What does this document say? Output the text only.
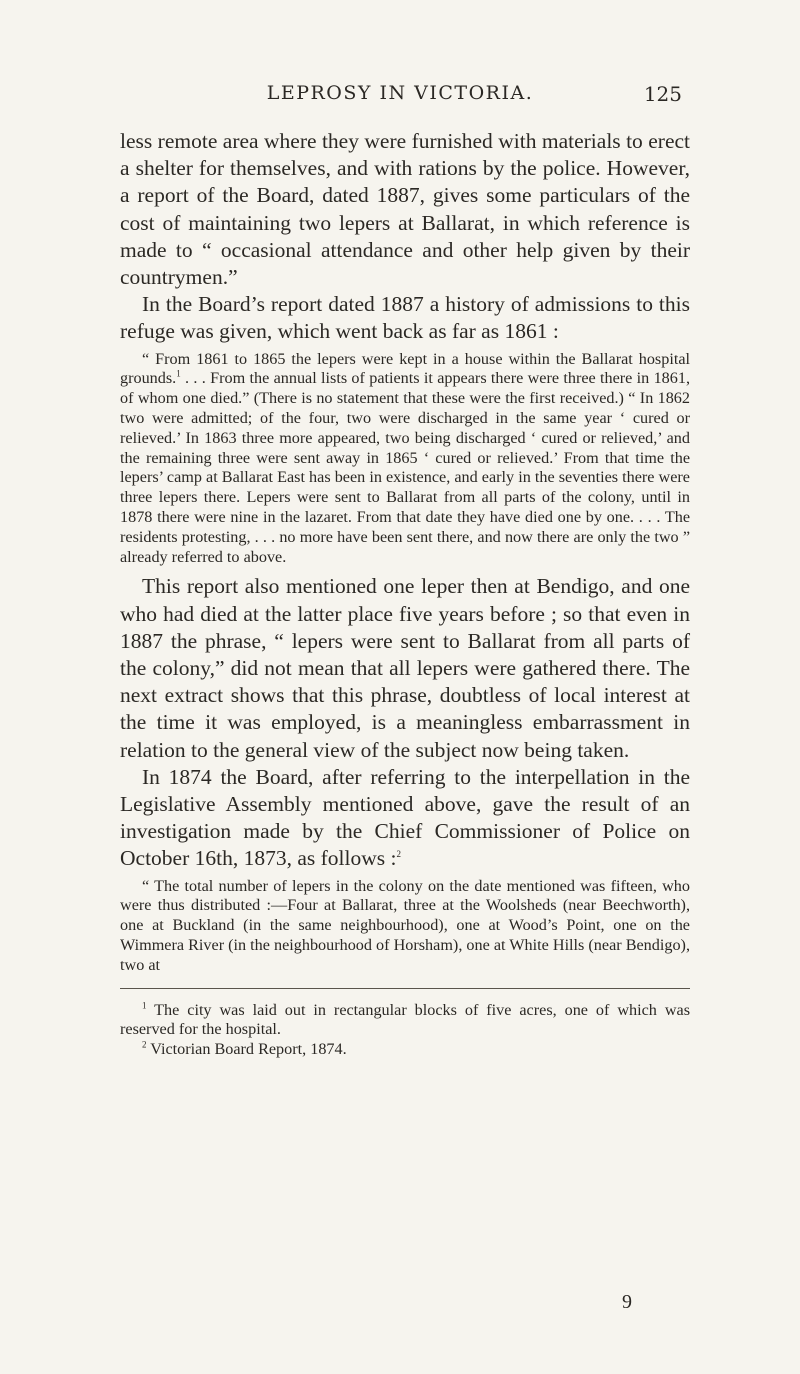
LEPROSY IN VICTORIA.	125

less remote area where they were furnished with materials to erect a shelter for themselves, and with rations by the police. However, a report of the Board, dated 1887, gives some particulars of the cost of maintaining two lepers at Ballarat, in which reference is made to “ occasional attendance and other help given by their countrymen.”

In the Board’s report dated 1887 a history of admissions to this refuge was given, which went back as far as 1861 :

“ From 1861 to 1865 the lepers were kept in a house within the Ballarat hospital grounds.$^1$ . . . From the annual lists of patients it appears there were three there in 1861, of whom one died.” (There is no statement that these were the first received.) “ In 1862 two were admitted; of the four, two were discharged in the same year ‘ cured or relieved.’ In 1863 three more appeared, two being discharged ‘ cured or relieved,’ and the remaining three were sent away in 1865 ‘ cured or relieved.’ From that time the lepers’ camp at Ballarat East has been in existence, and early in the seventies there were three lepers there. Lepers were sent to Ballarat from all parts of the colony, until in 1878 there were nine in the lazaret. From that date they have died one by one. . . . The residents protesting, . . . no more have been sent there, and now there are only the two ” already referred to above.

This report also mentioned one leper then at Bendigo, and one who had died at the latter place five years before ; so that even in 1887 the phrase, “ lepers were sent to Ballarat from all parts of the colony,” did not mean that all lepers were gathered there. The next extract shows that this phrase, doubtless of local interest at the time it was employed, is a meaningless embarrassment in relation to the general view of the subject now being taken.

In 1874 the Board, after referring to the interpellation in the Legislative Assembly mentioned above, gave the result of an investigation made by the Chief Commissioner of Police on October 16th, 1873, as follows :$^2$

“ The total number of lepers in the colony on the date mentioned was fifteen, who were thus distributed :—Four at Ballarat, three at the Woolsheds (near Beechworth), one at Buckland (in the same neighbourhood), one at Wood’s Point, one on the Wimmera River (in the neighbourhood of Horsham), one at White Hills (near Bendigo), two at

$^1$ The city was laid out in rectangular blocks of five acres, one of which was reserved for the hospital.

$^2$ Victorian Board Report, 1874.

9
